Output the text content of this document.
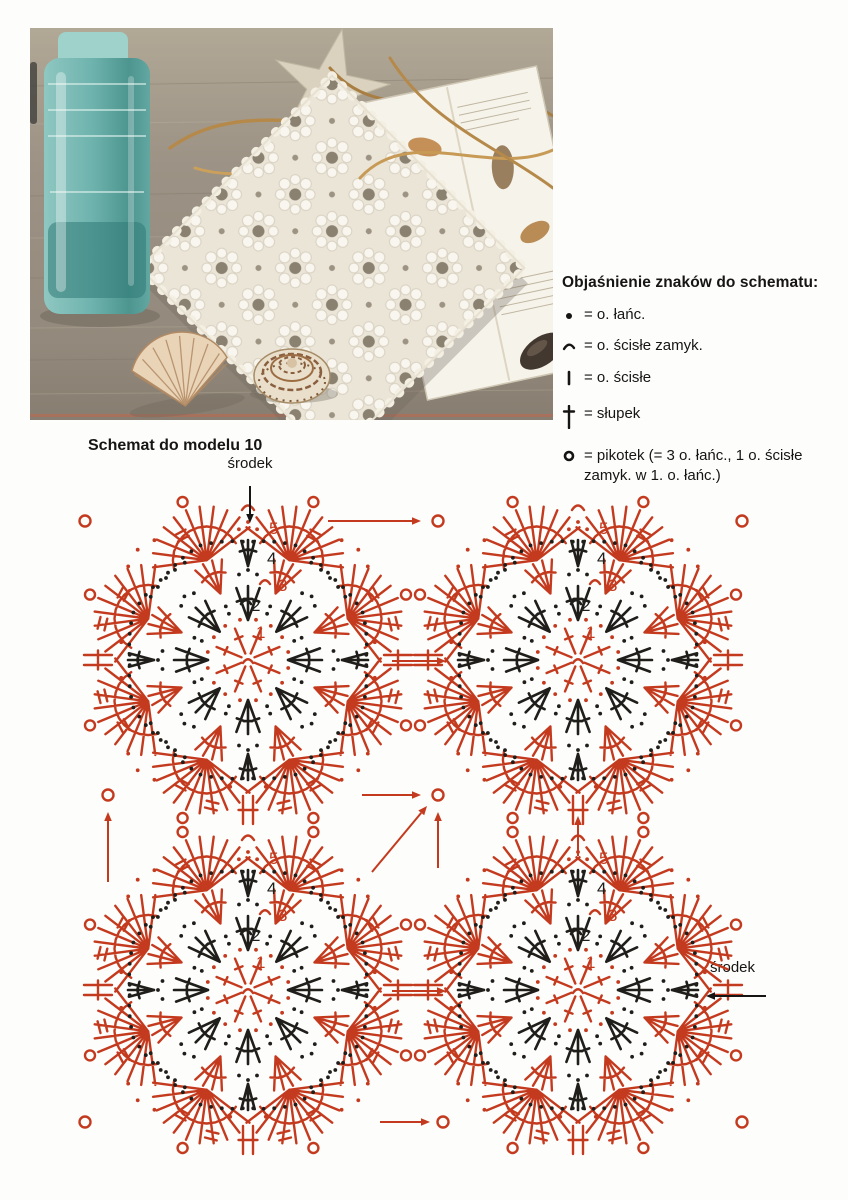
Objaśnienie znaków do schematu:
= o. łańc.
= o. ścisłe zamyk.
= o. ścisłe
= słupek
= pikotek (= 3 o. łańc., 1 o. ścisłe zamyk. w 1. o. łańc.)
Schemat do modelu 10
środek
środek
1
2
3
4
5
1
2
3
4
5
1
2
3
4
5
1
2
3
4
5
